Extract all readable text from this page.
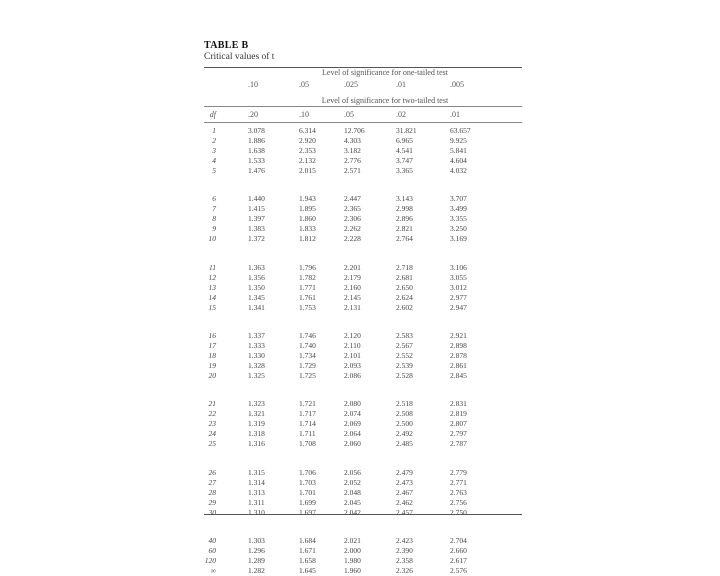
TABLE B
Critical values of t
Level of significance for one-tailed test
.10	.05	.025	.01	.005
Level of significance for two-tailed test
df	.20	.10	.05	.02	.01
1	3.078	6.314	12.706	31.821	63.657
2	1.886	2.920	4.303	6.965	9.925
3	1.638	2.353	3.182	4.541	5.841
4	1.533	2.132	2.776	3.747	4.604
5	1.476	2.015	2.571	3.365	4.032
6	1.440	1.943	2.447	3.143	3.707
7	1.415	1.895	2.365	2.998	3.499
8	1.397	1.860	2.306	2.896	3.355
9	1.383	1.833	2.262	2.821	3.250
10	1.372	1.812	2.228	2.764	3.169
11	1.363	1.796	2.201	2.718	3.106
12	1.356	1.782	2.179	2.681	3.055
13	1.350	1.771	2.160	2.650	3.012
14	1.345	1.761	2.145	2.624	2.977
15	1.341	1.753	2.131	2.602	2.947
16	1.337	1.746	2.120	2.583	2.921
17	1.333	1.740	2.110	2.567	2.898
18	1.330	1.734	2.101	2.552	2.878
19	1.328	1.729	2.093	2.539	2.861
20	1.325	1.725	2.086	2.528	2.845
21	1.323	1.721	2.080	2.518	2.831
22	1.321	1.717	2.074	2.508	2.819
23	1.319	1.714	2.069	2.500	2.807
24	1.318	1.711	2.064	2.492	2.797
25	1.316	1.708	2.060	2.485	2.787
26	1.315	1.706	2.056	2.479	2.779
27	1.314	1.703	2.052	2.473	2.771
28	1.313	1.701	2.048	2.467	2.763
29	1.311	1.699	2.045	2.462	2.756
30	1.310	1.697	2.042	2.457	2.750
40	1.303	1.684	2.021	2.423	2.704
60	1.296	1.671	2.000	2.390	2.660
120	1.289	1.658	1.980	2.358	2.617
∞	1.282	1.645	1.960	2.326	2.576
